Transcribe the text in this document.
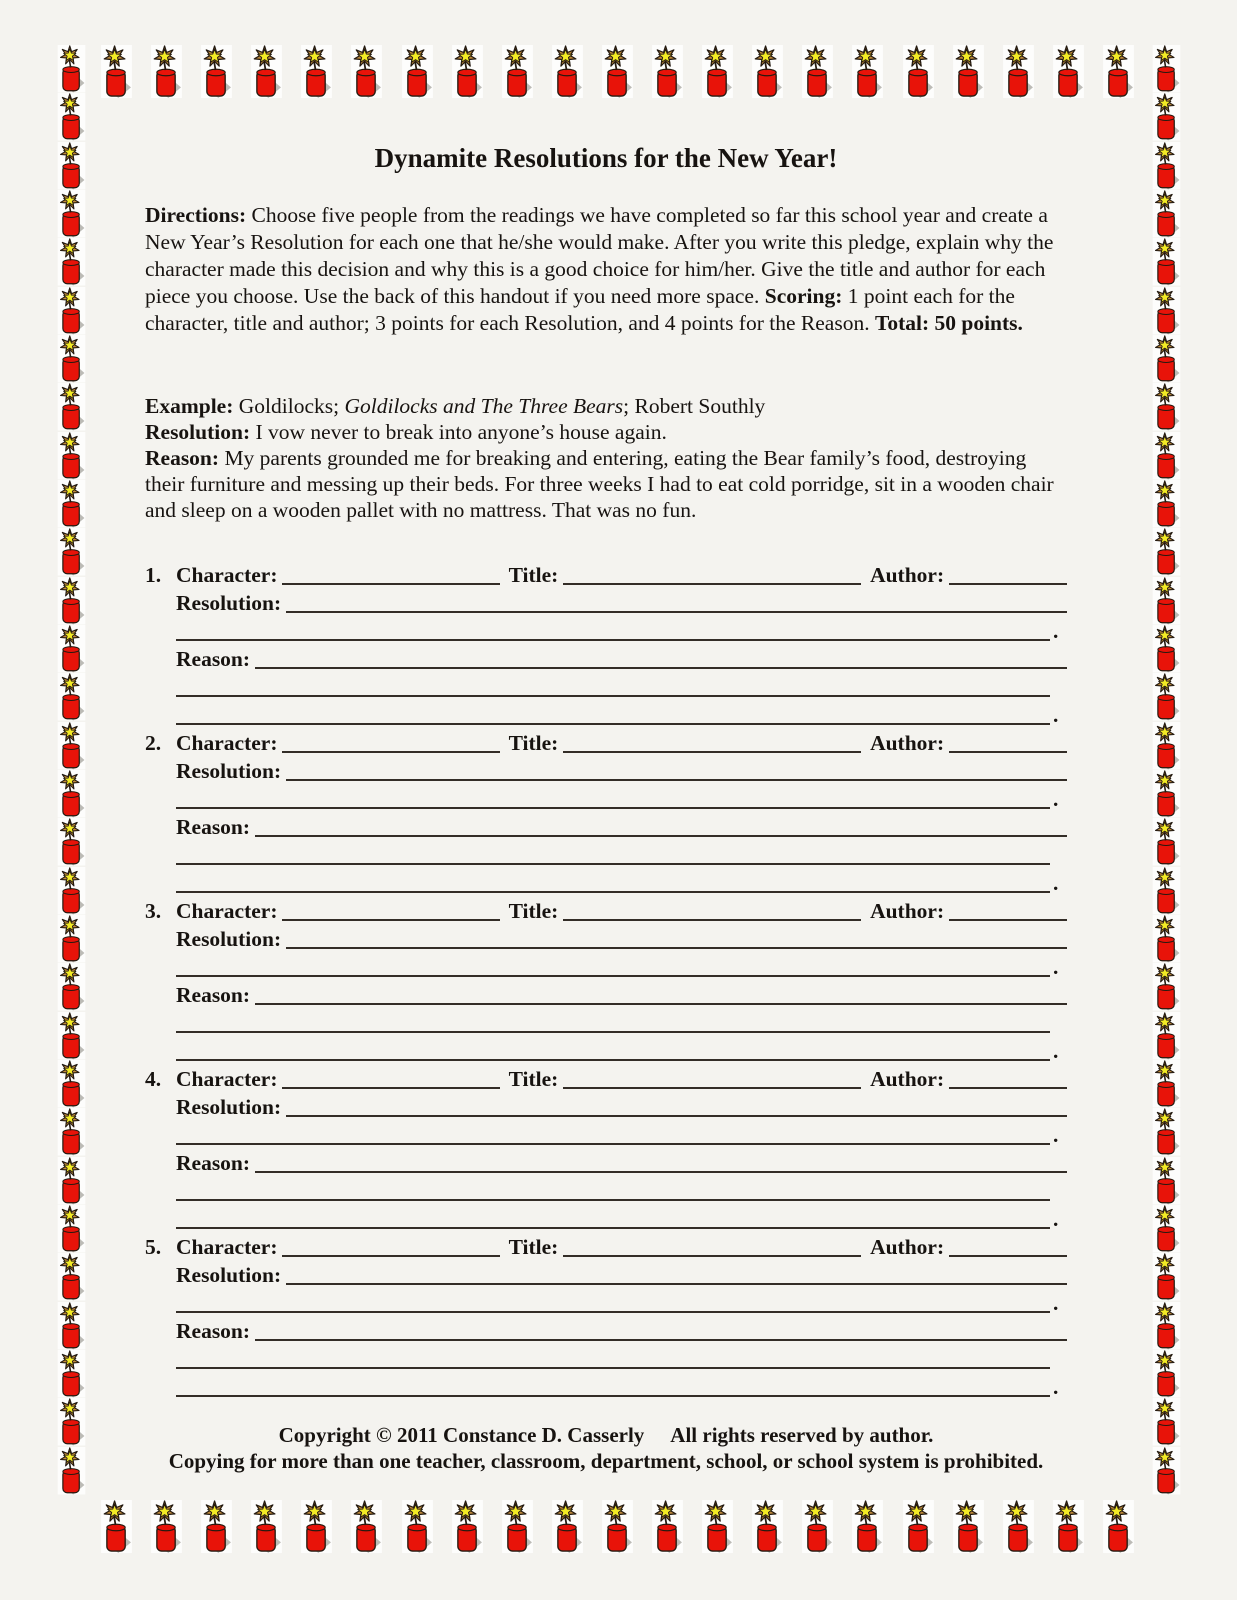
Dynamite Resolutions for the New Year!

Directions: Choose five people from the readings we have completed so far this school year and create a New Year’s Resolution for each one that he/she would make. After you write this pledge, explain why the character made this decision and why this is a good choice for him/her. Give the title and author for each piece you choose. Use the back of this handout if you need more space. Scoring: 1 point each for the character, title and author; 3 points for each Resolution, and 4 points for the Reason. Total: 50 points.

Example: Goldilocks; Goldilocks and The Three Bears; Robert Southly

Resolution: I vow never to break into anyone’s house again.

Reason: My parents grounded me for breaking and entering, eating the Bear family’s food, destroying their furniture and messing up their beds. For three weeks I had to eat cold porridge, sit in a wooden chair and sleep on a wooden pallet with no mattress. That was no fun.

1. Character:	Title:	Author:
Resolution:
.
Reason:
.
2. Character:	Title:	Author:
Resolution:
.
Reason:
.
3. Character:	Title:	Author:
Resolution:
.
Reason:
.
4. Character:	Title:	Author:
Resolution:
.
Reason:
.
5. Character:	Title:	Author:
Resolution:
.
Reason:
.

Copyright © 2011 Constance D. Casserly All rights reserved by author.

Copying for more than one teacher, classroom, department, school, or school system is prohibited.
